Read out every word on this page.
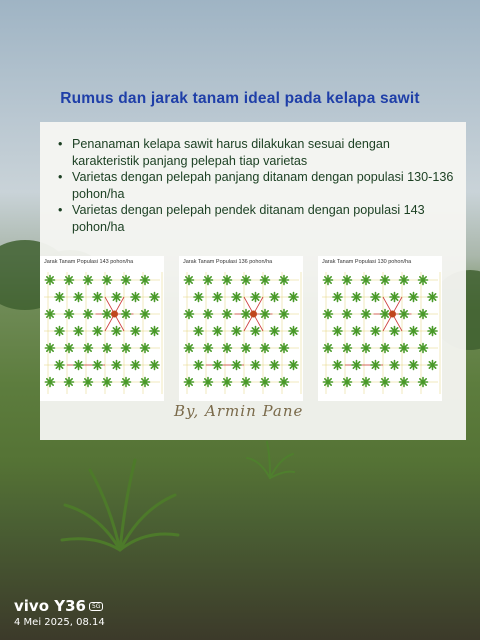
Rumus dan jarak tanam ideal pada kelapa sawit
• Penanaman kelapa sawit harus dilakukan sesuai dengan karakteristik panjang pelepah tiap varietas
• Varietas dengan pelepah panjang ditanam dengan populasi 130-136 pohon/ha
• Varietas dengan pelepah pendek ditanam dengan populasi 143 pohon/ha
Jarak Tanam Populasi 143 pohon/ha	Jarak Tanam Populasi 136 pohon/ha	Jarak Tanam Populasi 130 pohon/ha
By, Armin Pane
vivo Y36 5G
4 Mei 2025, 08.14
